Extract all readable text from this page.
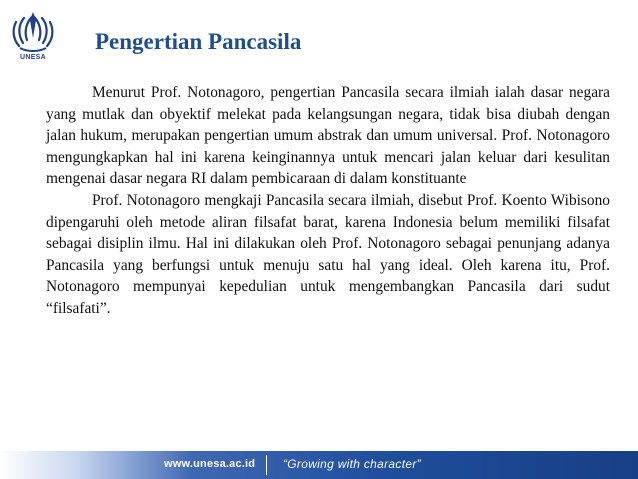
UNESA
Pengertian Pancasila

Menurut Prof. Notonagoro, pengertian Pancasila secara ilmiah ialah dasar negara yang mutlak dan obyektif melekat pada kelangsungan negara, tidak bisa diubah dengan jalan hukum, merupakan pengertian umum abstrak dan umum universal. Prof. Notonagoro mengungkapkan hal ini karena keinginannya untuk mencari jalan keluar dari kesulitan mengenai dasar negara RI dalam pembicaraan di dalam konstituante

Prof. Notonagoro mengkaji Pancasila secara ilmiah, disebut Prof. Koento Wibisono dipengaruhi oleh metode aliran filsafat barat, karena Indonesia belum memiliki filsafat sebagai disiplin ilmu. Hal ini dilakukan oleh Prof. Notonagoro sebagai penunjang adanya Pancasila yang berfungsi untuk menuju satu hal yang ideal. Oleh karena itu, Prof. Notonagoro mempunyai kepedulian untuk mengembangkan Pancasila dari sudut “filsafati”.

www.unesa.ac.id “Growing with character”
